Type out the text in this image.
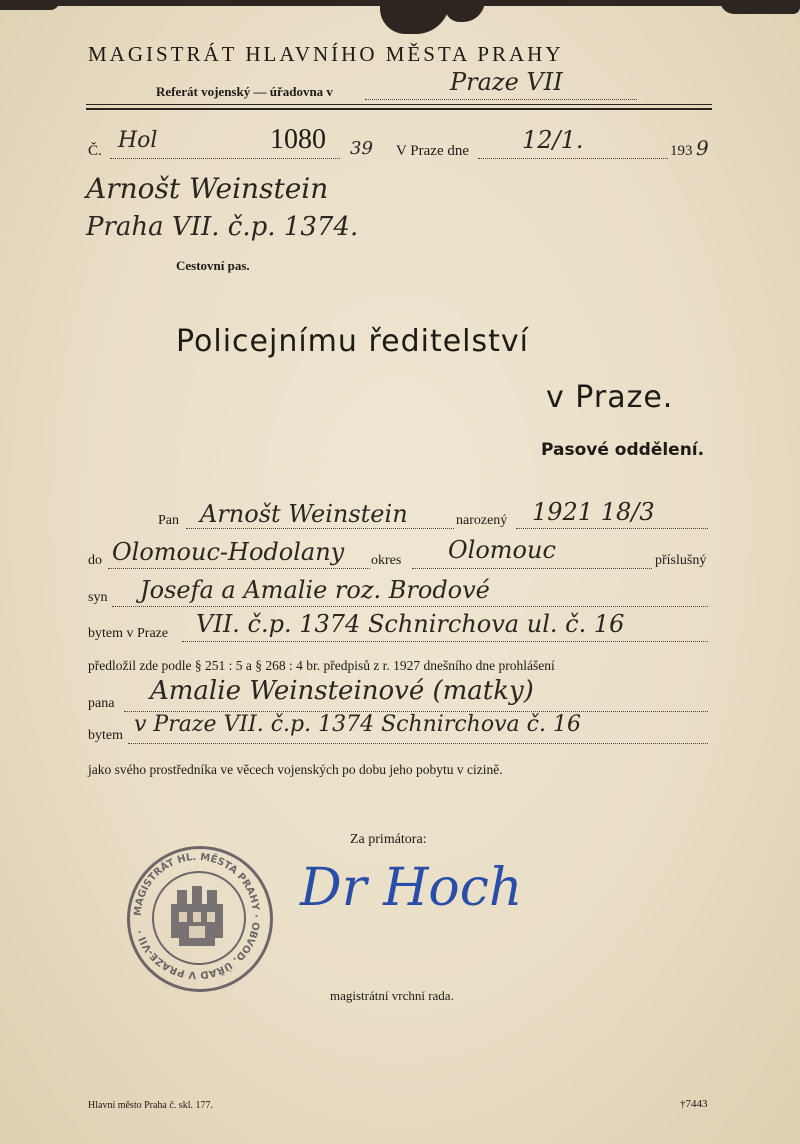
MAGISTRÁT HLAVNÍHO MĚSTA PRAHY
Referát vojenský — úřadovna v	Praze VII
Č. Hol	1080 39 V Praze dne 12/1.	193 9
Arnošt Weinstein
Praha VII. č.p. 1374.
Cestovní pas.
Policejnímu ředitelství
v Praze.
Pasové oddělení.
Pan Arnošt Weinstein	narozený 1921 18/3
do Olomouc-Hodolany okres Olomouc	příslušný
syn Josefa a Amalie roz. Brodové
bytem v Praze VII. č.p. 1374 Schnirchova ul. č. 16
předložil zde podle § 251 : 5 a § 268 : 4 br. předpisů z r. 1927 dnešního dne prohlášení
pana Amalie Weinsteinové (matky)
bytem v Praze VII. č.p. 1374 Schnirchova č. 16
jako svého prostředníka ve věcech vojenských po dobu jeho pobytu v cizině.
Za primátora:
Dr Hoch
magistrátní vrchní rada.
MAGISTRÁT HL. MĚSTA PRAHY · OBVOD. ÚŘAD V PRAZE-VII ·
Hlavní město Praha č. skl. 177.	†7443
